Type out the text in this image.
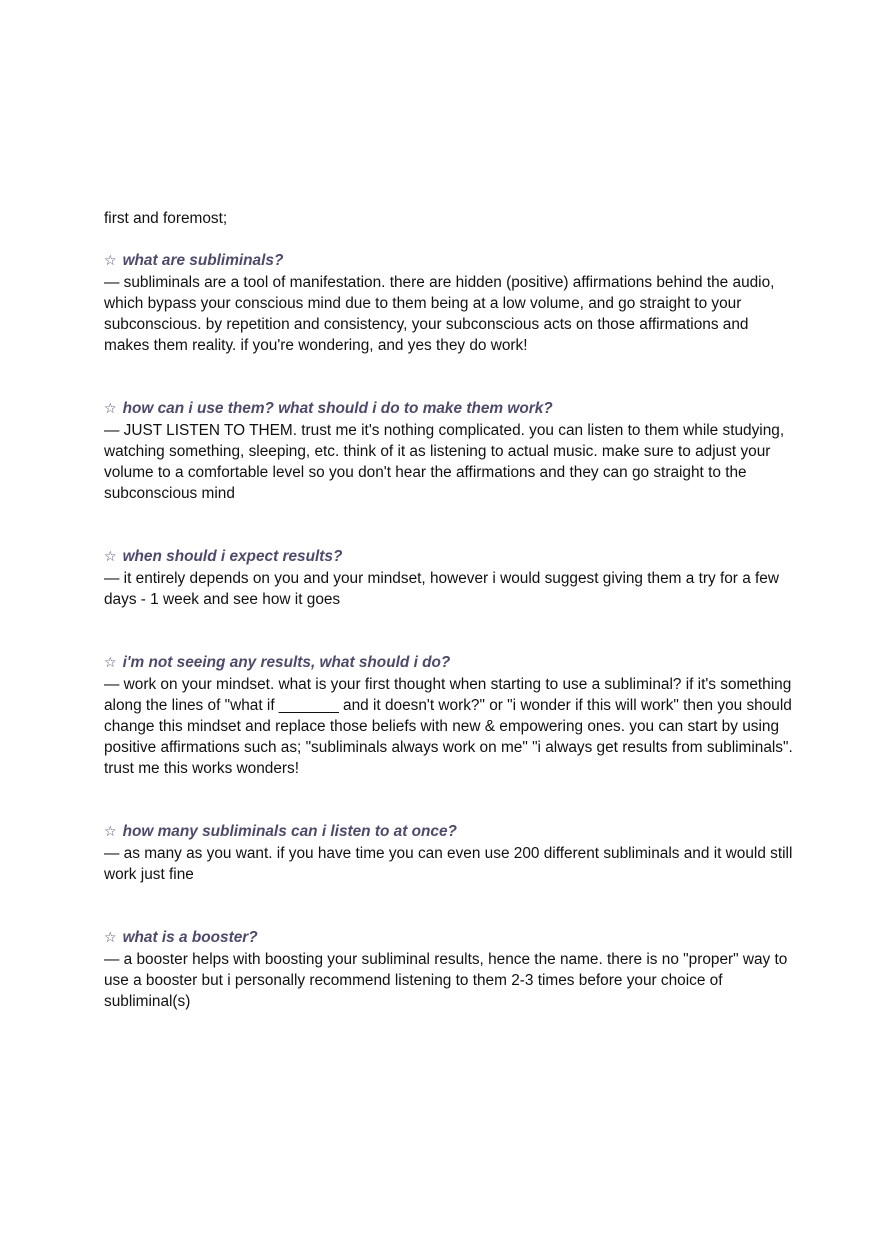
first and foremost;

☆ what are subliminals?

— subliminals are a tool of manifestation. there are hidden (positive) affirmations behind the audio, which bypass your conscious mind due to them being at a low volume, and go straight to your subconscious. by repetition and consistency, your subconscious acts on those affirmations and makes them reality. if you're wondering, and yes they do work!

☆ how can i use them? what should i do to make them work?

— JUST LISTEN TO THEM. trust me it's nothing complicated. you can listen to them while studying, watching something, sleeping, etc. think of it as listening to actual music. make sure to adjust your volume to a comfortable level so you don't hear the affirmations and they can go straight to the subconscious mind

☆ when should i expect results?

— it entirely depends on you and your mindset, however i would suggest giving them a try for a few days - 1 week and see how it goes

☆ i'm not seeing any results, what should i do?

— work on your mindset. what is your first thought when starting to use a subliminal? if it's something along the lines of "what if _______ and it doesn't work?" or "i wonder if this will work" then you should change this mindset and replace those beliefs with new & empowering ones. you can start by using positive affirmations such as; "subliminals always work on me" "i always get results from subliminals". trust me this works wonders!

☆ how many subliminals can i listen to at once?

— as many as you want. if you have time you can even use 200 different subliminals and it would still work just fine

☆ what is a booster?

— a booster helps with boosting your subliminal results, hence the name. there is no "proper" way to use a booster but i personally recommend listening to them 2-3 times before your choice of subliminal(s)
